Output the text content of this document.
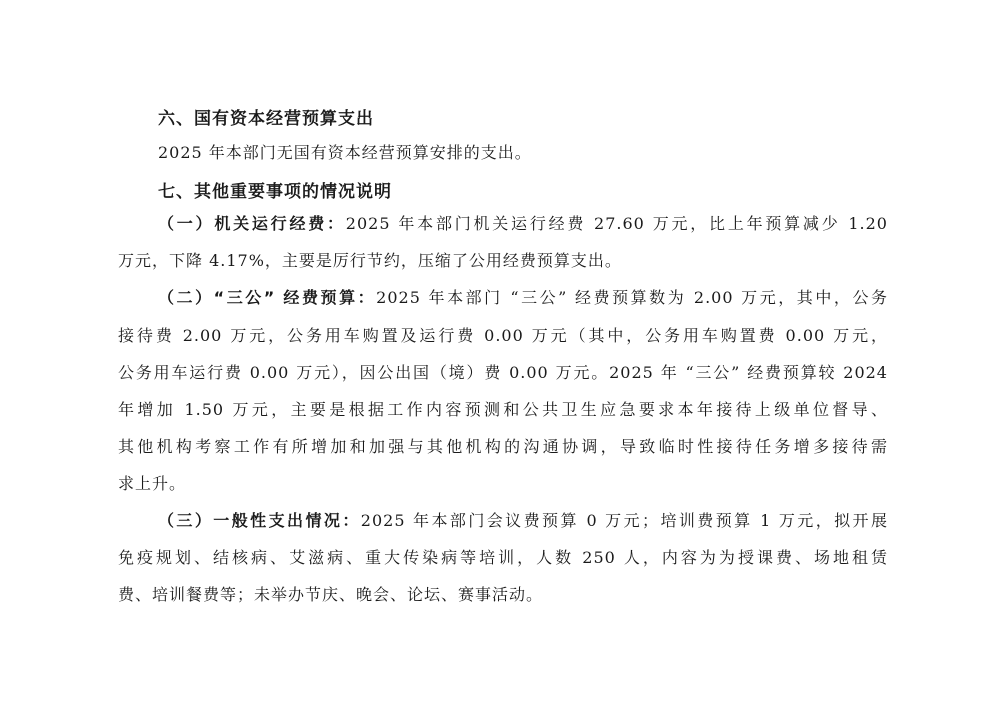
六、国有资本经营预算支出
2025 年本部门无国有资本经营预算安排的支出。
七、其他重要事项的情况说明
（一）机关运行经费：2025 年本部门机关运行经费 27.60 万元，比上年预算减少 1.20
万元，下降 4.17%，主要是厉行节约，压缩了公用经费预算支出。
（二）“三公” 经费预算：2025 年本部门 “三公” 经费预算数为 2.00 万元，其中，公务
接待费 2.00 万元，公务用车购置及运行费 0.00 万元（其中，公务用车购置费 0.00 万元，
公务用车运行费 0.00 万元），因公出国（境）费 0.00 万元。2025 年 “三公” 经费预算较 2024
年增加 1.50 万元，主要是根据工作内容预测和公共卫生应急要求本年接待上级单位督导、
其他机构考察工作有所增加和加强与其他机构的沟通协调，导致临时性接待任务增多接待需
求上升。
（三）一般性支出情况：2025 年本部门会议费预算 0 万元；培训费预算 1 万元，拟开展
免疫规划、结核病、艾滋病、重大传染病等培训，人数 250 人，内容为为授课费、场地租赁
费、培训餐费等；未举办节庆、晚会、论坛、赛事活动。
